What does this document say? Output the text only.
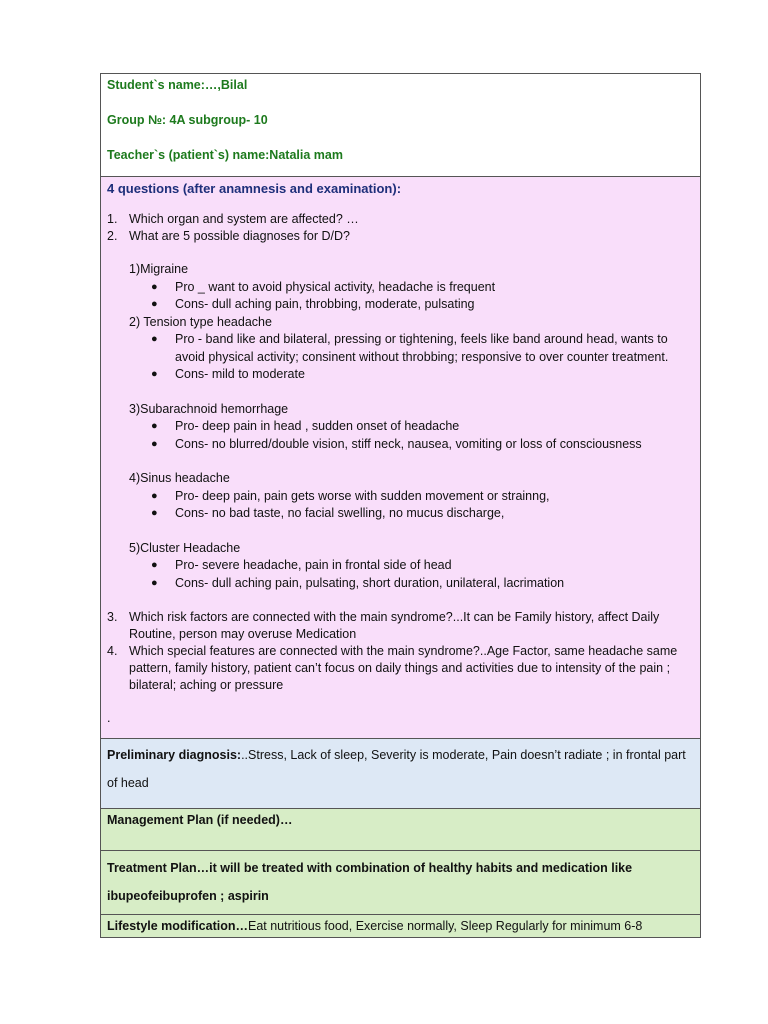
Student`s name:…,Bilal
Group №: 4A subgroup- 10
Teacher`s (patient`s) name:Natalia mam
4 questions (after anamnesis and examination):
1. Which organ and system are affected? …
2. What are 5 possible diagnoses for D/D?
1)Migraine
● Pro _ want to avoid physical activity, headache is frequent
● Cons- dull aching pain, throbbing, moderate, pulsating
2) Tension type headache
● Pro - band like and bilateral, pressing or tightening, feels like band around head, wants to avoid physical activity; consinent without throbbing; responsive to over counter treatment.
● Cons- mild to moderate
3)Subarachnoid hemorrhage
● Pro- deep pain in head , sudden onset of headache
● Cons- no blurred/double vision, stiff neck, nausea, vomiting or loss of consciousness
4)Sinus headache
● Pro- deep pain, pain gets worse with sudden movement or strainng,
● Cons- no bad taste, no facial swelling, no mucus discharge,
5)Cluster Headache
● Pro- severe headache, pain in frontal side of head
● Cons- dull aching pain, pulsating, short duration, unilateral, lacrimation
3. Which risk factors are connected with the main syndrome?...It can be Family history, affect Daily Routine, person may overuse Medication
4. Which special features are connected with the main syndrome?..Age Factor, same headache same pattern, family history, patient can’t focus on daily things and activities due to intensity of the pain ; bilateral; aching or pressure
.
Preliminary diagnosis:..Stress, Lack of sleep, Severity is moderate, Pain doesn’t radiate ; in frontal part of head
Management Plan (if needed)…
Treatment Plan…it will be treated with combination of healthy habits and medication like ibupeofeibuprofen ; aspirin
Lifestyle modification…Eat nutritious food, Exercise normally, Sleep Regularly for minimum 6-8
